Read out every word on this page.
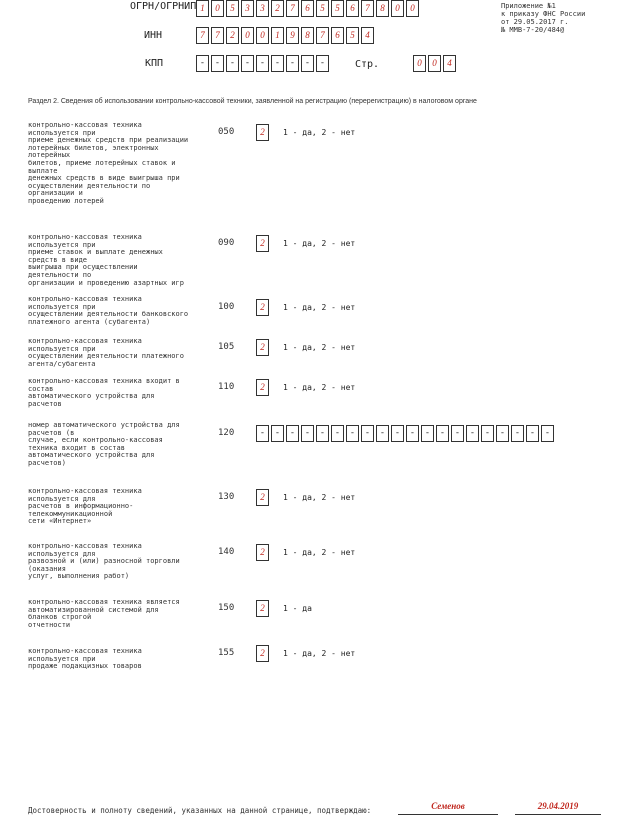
ОГРН/ОГРНИП 1	0	5	3	3	2	7	6	5	5	6	7	8	0	0
ИНН	7	7	2	0	0	1	9	8	7	6	5	4
КПП	-	-	-	-	-	-	-	-	-	Стр.	0	0	4
Приложение №1
к приказу ФНС России
от 29.05.2017 г.
№ ММВ-7-20/484@
Раздел 2. Сведения об использовании контрольно-кассовой техники, заявленной на регистрацию (перерегистрацию) в налоговом органе
контрольно-кассовая техника
используется при
приеме денежных средств при реализации
лотерейных билетов, электронных
лотерейных
билетов, приеме лотерейных ставок и
выплате
денежных средств в виде выигрыша при
осуществлении деятельности по
организации и
проведению лотерей
050	2	1 - да, 2 - нет
контрольно-кассовая техника
используется при
приеме ставок и выплате денежных
средств в виде
выигрыша при осуществлении
деятельности по
организации и проведению азартных игр
090	2	1 - да, 2 - нет
контрольно-кассовая техника
используется при
осуществлении деятельности банковского
платежного агента (субагента)
100	2	1 - да, 2 - нет
контрольно-кассовая техника
используется при
осуществлении деятельности платежного
агента/субагента
105	2	1 - да, 2 - нет
контрольно-кассовая техника входит в
состав
автоматического устройства для
расчетов
110	2	1 - да, 2 - нет
номер автоматического устройства для
расчетов (в
случае, если контрольно-кассовая
техника входит в состав
автоматического устройства для
расчетов)
120	-	-	-	-	-	-	-	-	-	-	-	-	-	-	-	-	-	-	-	-
контрольно-кассовая техника
используется для
расчетов в информационно-
телекоммуникационной
сети «Интернет»
130	2	1 - да, 2 - нет
контрольно-кассовая техника
используется для
развозной и (или) разносной торговли
(оказания
услуг, выполнения работ)
140	2	1 - да, 2 - нет
контрольно-кассовая техника является
автоматизированной системой для
бланков строгой
отчетности
150	2	1 - да
контрольно-кассовая техника
используется при
продаже подакцизных товаров
155	2	1 - да, 2 - нет
Достоверность и полноту сведений, указанных на данной странице, подтверждаю:	Семенов	29.04.2019
